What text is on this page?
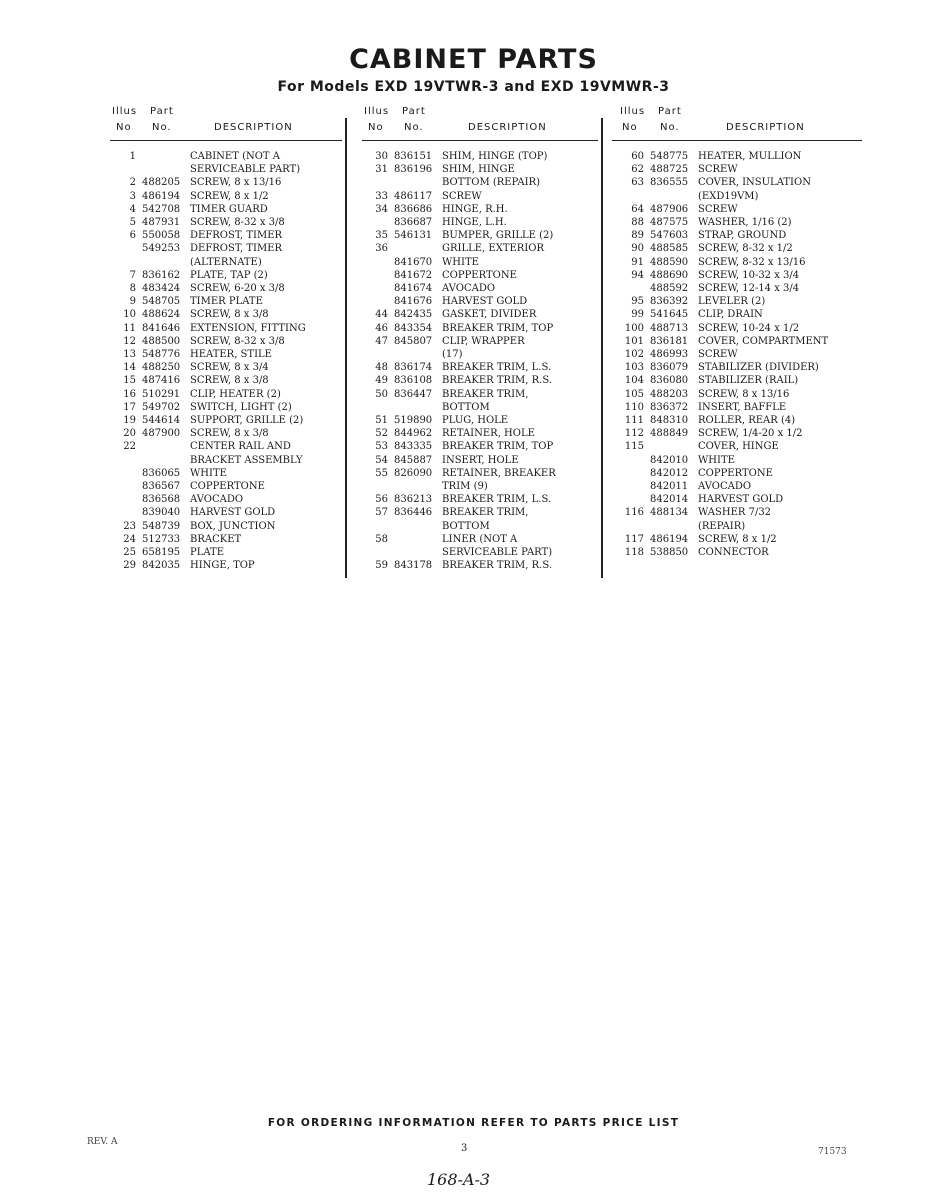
CABINET PARTS
For Models EXD 19VTWR-3 and EXD 19VMWR-3
Illus Part
No No.	DESCRIPTION
1	CABINET (NOT A
SERVICEABLE PART)
2 488205 SCREW, 8 x 13/16
3 486194 SCREW, 8 x 1/2
4 542708 TIMER GUARD
5 487931 SCREW, 8-32 x 3/8
6 550058 DEFROST, TIMER
549253 DEFROST, TIMER
(ALTERNATE)
7 836162 PLATE, TAP (2)
8 483424 SCREW, 6-20 x 3/8
9 548705 TIMER PLATE
10 488624 SCREW, 8 x 3/8
11 841646 EXTENSION, FITTING
12 488500 SCREW, 8-32 x 3/8
13 548776 HEATER, STILE
14 488250 SCREW, 8 x 3/4
15 487416 SCREW, 8 x 3/8
16 510291 CLIP, HEATER (2)
17 549702 SWITCH, LIGHT (2)
19 544614 SUPPORT, GRILLE (2)
20 487900 SCREW, 8 x 3/8
22	CENTER RAIL AND
BRACKET ASSEMBLY
836065 WHITE
836567 COPPERTONE
836568 AVOCADO
839040 HARVEST GOLD
23 548739 BOX, JUNCTION
24 512733 BRACKET
25 658195 PLATE
29 842035 HINGE, TOP
Illus Part
No No.	DESCRIPTION
30 836151 SHIM, HINGE (TOP)
31 836196 SHIM, HINGE
BOTTOM (REPAIR)
33 486117 SCREW
34 836686 HINGE, R.H.
836687 HINGE, L.H.
35 546131 BUMPER, GRILLE (2)
36	GRILLE, EXTERIOR
841670 WHITE
841672 COPPERTONE
841674 AVOCADO
841676 HARVEST GOLD
44 842435 GASKET, DIVIDER
46 843354 BREAKER TRIM, TOP
47 845807 CLIP, WRAPPER
(17)
48 836174 BREAKER TRIM, L.S.
49 836108 BREAKER TRIM, R.S.
50 836447 BREAKER TRIM,
BOTTOM
51 519890 PLUG, HOLE
52 844962 RETAINER, HOLE
53 843335 BREAKER TRIM, TOP
54 845887 INSERT, HOLE
55 826090 RETAINER, BREAKER
TRIM (9)
56 836213 BREAKER TRIM, L.S.
57 836446 BREAKER TRIM,
BOTTOM
58	LINER (NOT A
SERVICEABLE PART)
59 843178 BREAKER TRIM, R.S.
Illus Part
No No.	DESCRIPTION
60 548775 HEATER, MULLION
62 488725 SCREW
63 836555 COVER, INSULATION
(EXD19VM)
64 487906 SCREW
88 487575 WASHER, 1/16 (2)
89 547603 STRAP, GROUND
90 488585 SCREW, 8-32 x 1/2
91 488590 SCREW, 8-32 x 13/16
94 488690 SCREW, 10-32 x 3/4
488592 SCREW, 12-14 x 3/4
95 836392 LEVELER (2)
99 541645 CLIP, DRAIN
100 488713 SCREW, 10-24 x 1/2
101 836181 COVER, COMPARTMENT
102 486993 SCREW
103 836079 STABILIZER (DIVIDER)
104 836080 STABILIZER (RAIL)
105 488203 SCREW, 8 x 13/16
110 836372 INSERT, BAFFLE
111 848310 ROLLER, REAR (4)
112 488849 SCREW, 1/4-20 x 1/2
115	COVER, HINGE
842010 WHITE
842012 COPPERTONE
842011 AVOCADO
842014 HARVEST GOLD
116 488134 WASHER 7/32
(REPAIR)
117 486194 SCREW, 8 x 1/2
118 538850 CONNECTOR
FOR ORDERING INFORMATION REFER TO PARTS PRICE LIST
REV. A
3	71573
168-A-3
